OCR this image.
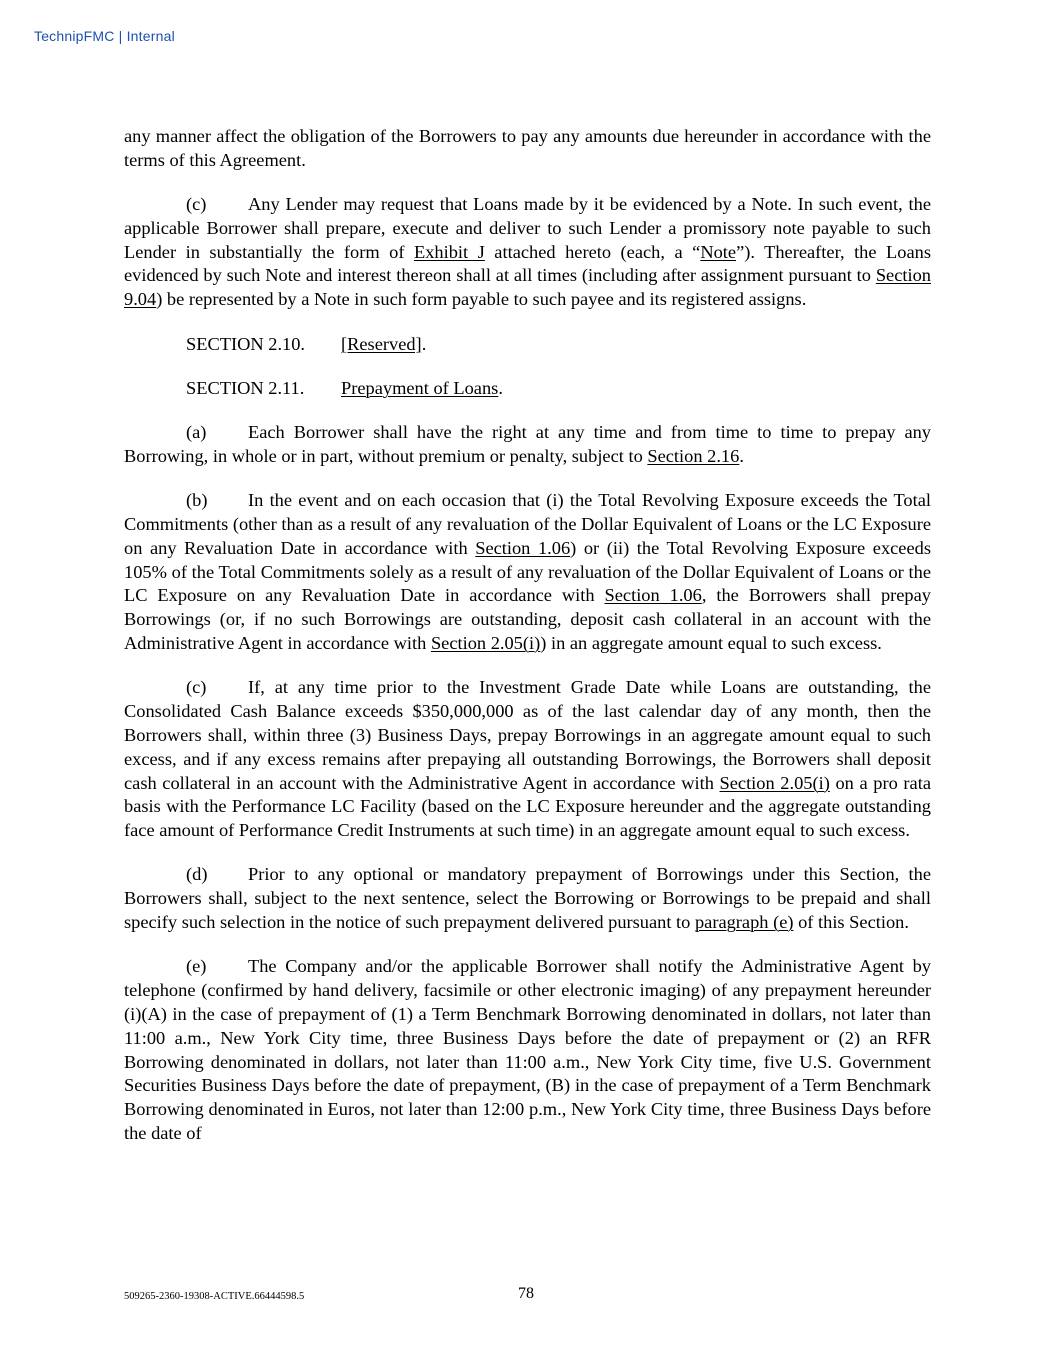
TechnipFMC | Internal

any manner affect the obligation of the Borrowers to pay any amounts due hereunder in accordance with the terms of this Agreement.

(c) Any Lender may request that Loans made by it be evidenced by a Note. In such event, the applicable Borrower shall prepare, execute and deliver to such Lender a promissory note payable to such Lender in substantially the form of Exhibit J attached hereto (each, a “Note”). Thereafter, the Loans evidenced by such Note and interest thereon shall at all times (including after assignment pursuant to Section 9.04) be represented by a Note in such form payable to such payee and its registered assigns.

SECTION 2.10. [Reserved].

SECTION 2.11. Prepayment of Loans.

(a) Each Borrower shall have the right at any time and from time to time to prepay any Borrowing, in whole or in part, without premium or penalty, subject to Section 2.16.

(b) In the event and on each occasion that (i) the Total Revolving Exposure exceeds the Total Commitments (other than as a result of any revaluation of the Dollar Equivalent of Loans or the LC Exposure on any Revaluation Date in accordance with Section 1.06) or (ii) the Total Revolving Exposure exceeds 105% of the Total Commitments solely as a result of any revaluation of the Dollar Equivalent of Loans or the LC Exposure on any Revaluation Date in accordance with Section 1.06, the Borrowers shall prepay Borrowings (or, if no such Borrowings are outstanding, deposit cash collateral in an account with the Administrative Agent in accordance with Section 2.05(i)) in an aggregate amount equal to such excess.

(c) If, at any time prior to the Investment Grade Date while Loans are outstanding, the Consolidated Cash Balance exceeds $350,000,000 as of the last calendar day of any month, then the Borrowers shall, within three (3) Business Days, prepay Borrowings in an aggregate amount equal to such excess, and if any excess remains after prepaying all outstanding Borrowings, the Borrowers shall deposit cash collateral in an account with the Administrative Agent in accordance with Section 2.05(i) on a pro rata basis with the Performance LC Facility (based on the LC Exposure hereunder and the aggregate outstanding face amount of Performance Credit Instruments at such time) in an aggregate amount equal to such excess.

(d) Prior to any optional or mandatory prepayment of Borrowings under this Section, the Borrowers shall, subject to the next sentence, select the Borrowing or Borrowings to be prepaid and shall specify such selection in the notice of such prepayment delivered pursuant to paragraph (e) of this Section.

(e) The Company and/or the applicable Borrower shall notify the Administrative Agent by telephone (confirmed by hand delivery, facsimile or other electronic imaging) of any prepayment hereunder (i)(A) in the case of prepayment of (1) a Term Benchmark Borrowing denominated in dollars, not later than 11:00 a.m., New York City time, three Business Days before the date of prepayment or (2) an RFR Borrowing denominated in dollars, not later than 11:00 a.m., New York City time, five U.S. Government Securities Business Days before the date of prepayment, (B) in the case of prepayment of a Term Benchmark Borrowing denominated in Euros, not later than 12:00 p.m., New York City time, three Business Days before the date of

509265-2360-19308-ACTIVE.66444598.5	78
